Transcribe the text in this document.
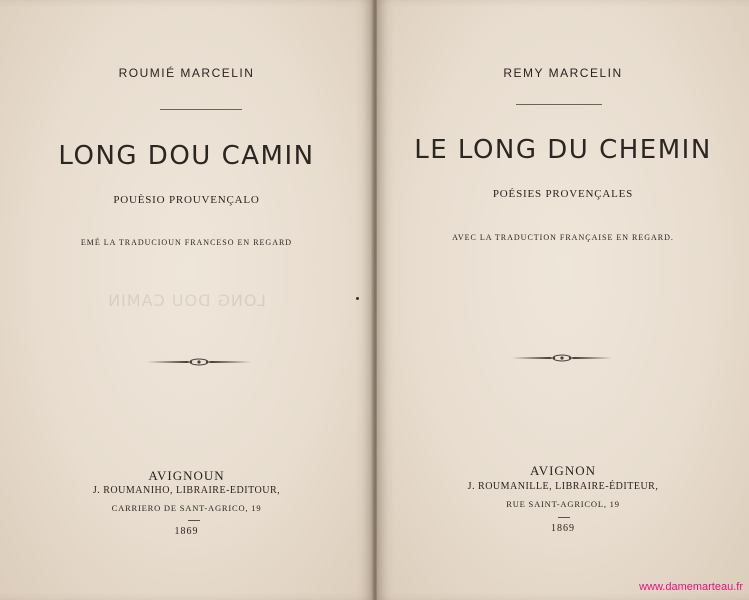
ROUMIÉ MARCELIN
LONG DOU CAMIN
POUÈSIO PROUVENÇALO
EMÉ LA TRADUCIOUN FRANCESO EN REGARD
LONG DOU CAMIN
AVIGNOUN
J. ROUMANIHO, LIBRAIRE-EDITOUR,
CARRIERO DE SANT-AGRICO, 19
1869
REMY MARCELIN
LE LONG DU CHEMIN
POÉSIES PROVENÇALES
AVEC LA TRADUCTION FRANÇAISE EN REGARD.
AVIGNON
J. ROUMANILLE, LIBRAIRE-ÉDITEUR,
RUE SAINT-AGRICOL, 19
1869
www.damemarteau.fr
